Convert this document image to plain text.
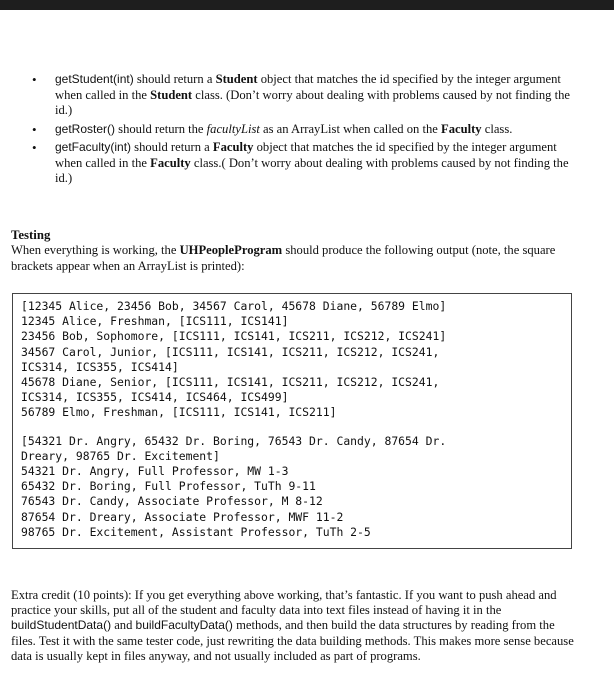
• getStudent(int) should return a Student object that matches the id specified by the integer argument when called in the Student class. (Don’t worry about dealing with problems caused by not finding the id.)
• getRoster() should return the facultyList as an ArrayList when called on the Faculty class.
• getFaculty(int) should return a Faculty object that matches the id specified by the integer argument when called in the Faculty class.( Don’t worry about dealing with problems caused by not finding the id.)
Testing
When everything is working, the UHPeopleProgram should produce the following output (note, the square brackets appear when an ArrayList is printed):
[12345 Alice, 23456 Bob, 34567 Carol, 45678 Diane, 56789 Elmo]
12345 Alice, Freshman, [ICS111, ICS141]
23456 Bob, Sophomore, [ICS111, ICS141, ICS211, ICS212, ICS241]
34567 Carol, Junior, [ICS111, ICS141, ICS211, ICS212, ICS241,
ICS314, ICS355, ICS414]
45678 Diane, Senior, [ICS111, ICS141, ICS211, ICS212, ICS241,
ICS314, ICS355, ICS414, ICS464, ICS499]
56789 Elmo, Freshman, [ICS111, ICS141, ICS211]
[54321 Dr. Angry, 65432 Dr. Boring, 76543 Dr. Candy, 87654 Dr.
Dreary, 98765 Dr. Excitement]
54321 Dr. Angry, Full Professor, MW 1-3
65432 Dr. Boring, Full Professor, TuTh 9-11
76543 Dr. Candy, Associate Professor, M 8-12
87654 Dr. Dreary, Associate Professor, MWF 11-2
98765 Dr. Excitement, Assistant Professor, TuTh 2-5
Extra credit (10 points): If you get everything above working, that’s fantastic. If you want to push ahead and practice your skills, put all of the student and faculty data into text files instead of having it in the buildStudentData() and buildFacultyData() methods, and then build the data structures by reading from the files. Test it with the same tester code, just rewriting the data building methods. This makes more sense because data is usually kept in files anyway, and not usually included as part of programs.
